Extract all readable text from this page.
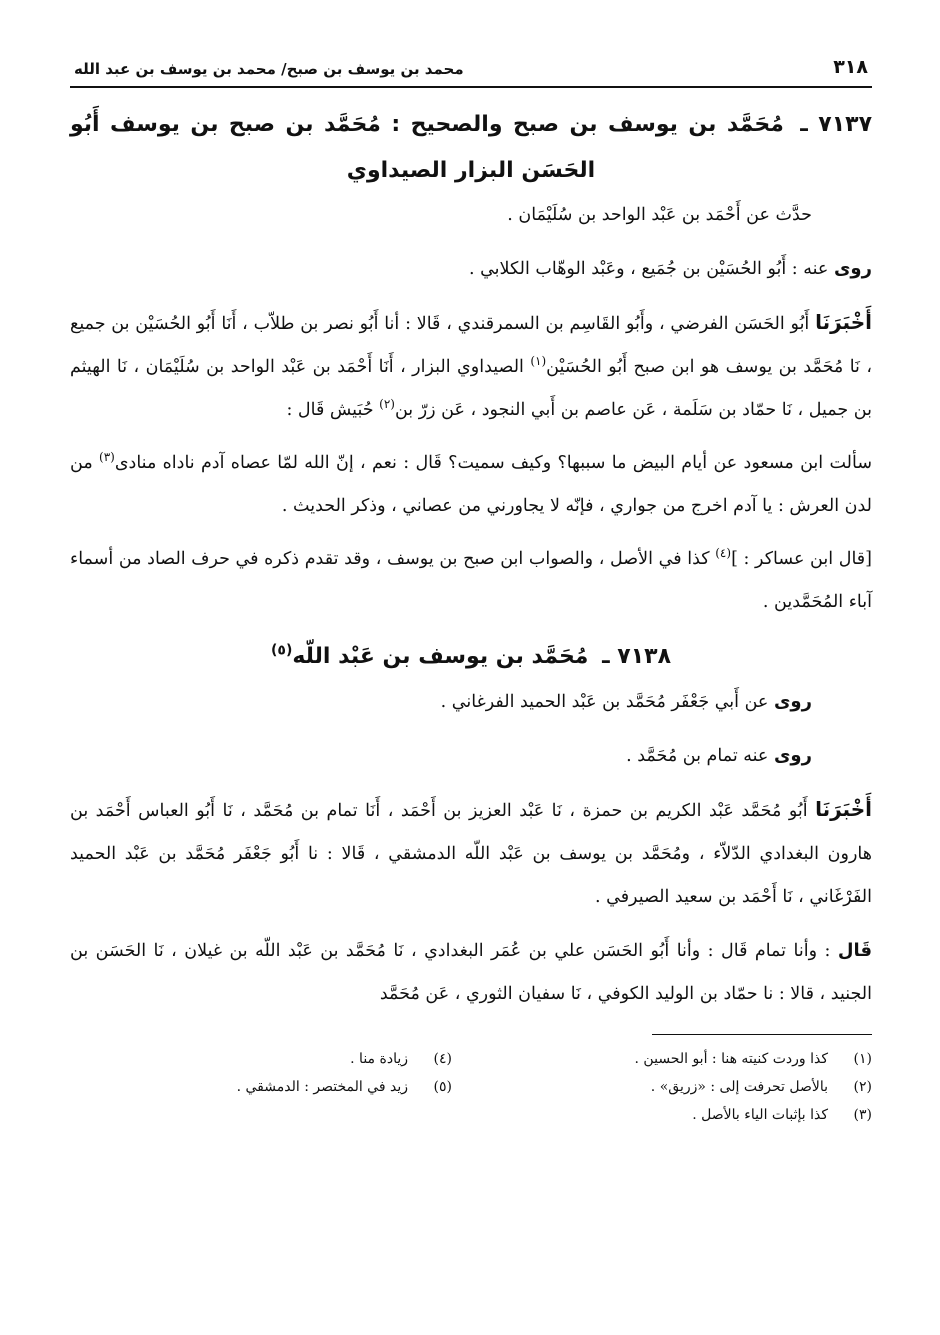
٣١٨
محمد بن يوسف بن صبح/ محمد بن يوسف بن عبد الله
٧١٣٧ ـ مُحَمَّد بن يوسف بن صبح والصحيح : مُحَمَّد بن صبح بن يوسف أَبُو الحَسَن البزار الصيداوي

حدَّث عن أَحْمَد بن عَبْد الواحد بن سُلَيْمَان .

روى عنه : أَبُو الحُسَيْن بن جُمَيع ، وعَبْد الوهّاب الكلابي .

أَخْبَرَنَا أَبُو الحَسَن الفرضي ، وأَبُو القَاسِم بن السمرقندي ، قَالا : أنا أَبُو نصر بن طلاّب ، أَنَا أَبُو الحُسَيْن بن جميع ، نَا مُحَمَّد بن يوسف هو ابن صبح أَبُو الحُسَيْن$^{(١)}$ الصيداوي البزار ، أَنَا أَحْمَد بن عَبْد الواحد بن سُلَيْمَان ، نَا الهيثم بن جميل ، نَا حمّاد بن سَلَمة ، عَن عاصم بن أَبي النجود ، عَن زرّ بن$^{(٢)}$ حُبَيش قَال :

سألت ابن مسعود عن أيام البيض ما سببها؟ وكيف سميت؟ قَال : نعم ، إنّ الله لمّا عصاه آدم ناداه منادى$^{(٣)}$ من لدن العرش : يا آدم اخرج من جواري ، فإنّه لا يجاورني من عصاني ، وذكر الحديث .

[قال ابن عساكر : ]$^{(٤)}$ كذا في الأصل ، والصواب ابن صبح بن يوسف ، وقد تقدم ذكره في حرف الصاد من أسماء آباء المُحَمَّدين .

٧١٣٨ ـ مُحَمَّد بن يوسف بن عَبْد اللّه$^{(٥)}$

روى عن أَبي جَعْفَر مُحَمَّد بن عَبْد الحميد الفرغاني .

روى عنه تمام بن مُحَمَّد .

أَخْبَرَنَا أَبُو مُحَمَّد عَبْد الكريم بن حمزة ، نَا عَبْد العزيز بن أَحْمَد ، أَنَا تمام بن مُحَمَّد ، نَا أَبُو العباس أَحْمَد بن هارون البغدادي الدّلاّء ، ومُحَمَّد بن يوسف بن عَبْد اللّه الدمشقي ، قَالا : نا أَبُو جَعْفَر مُحَمَّد بن عَبْد الحميد الفَرْغَاني ، نَا أَحْمَد بن سعيد الصيرفي .

قَال : وأنا تمام قَال : وأنا أَبُو الحَسَن علي بن عُمَر البغدادي ، نَا مُحَمَّد بن عَبْد اللّه بن غيلان ، نَا الحَسَن بن الجنيد ، قالا : نا حمّاد بن الوليد الكوفي ، نَا سفيان الثوري ، عَن مُحَمَّد

(١)
كذا وردت كنيته هنا : أبو الحسين .
(٢)
بالأصل تحرفت إلى : «زريق» .
(٣)
كذا بإثبات الياء بالأصل .
(٤)
زيادة منا .
(٥)
زيد في المختصر : الدمشقي .
